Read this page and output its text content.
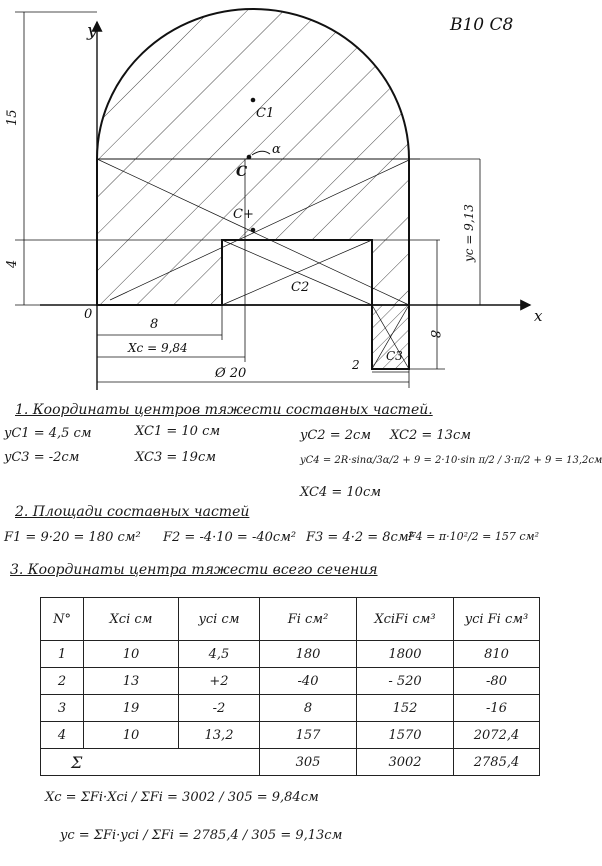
C1
C
C+
C2
C3
α
y
x
0
B10 C8
15
4
8
Xc = 9,84
Ø 20
2
8
yc = 9,13
1. Координаты центров тяжести составных частей.
yC1 = 4,5 см	XC1 = 10 см	yC2 = 2см XC2 = 13см
yC3 = -2см	XC3 = 19см	yC4 = 2R·sinα/3α/2 + 9 = 2·10·sin π/2 / 3·π/2 + 9 = 13,2см
XC4 = 10см
2. Площади составных частей
F1 = 9·20 = 180 см² F2 = -4·10 = -40см² F3 = 4·2 = 8см²
F4 = π·10²/2 = 157 см²
3. Координаты центра тяжести всего сечения
N°	Xci см	yci см	Fi см²	XciFi см³	yci Fi см³
1	10	4,5	180	1800	810
2	13	+2	-40	- 520	-80
3	19	-2	8	152	-16
4	10	13,2	157	1570	2072,4
Σ			305	3002	2785,4
Xc = ΣFi·Xci / ΣFi = 3002 / 305 = 9,84см
yc = ΣFi·yci / ΣFi = 2785,4 / 305 = 9,13см
